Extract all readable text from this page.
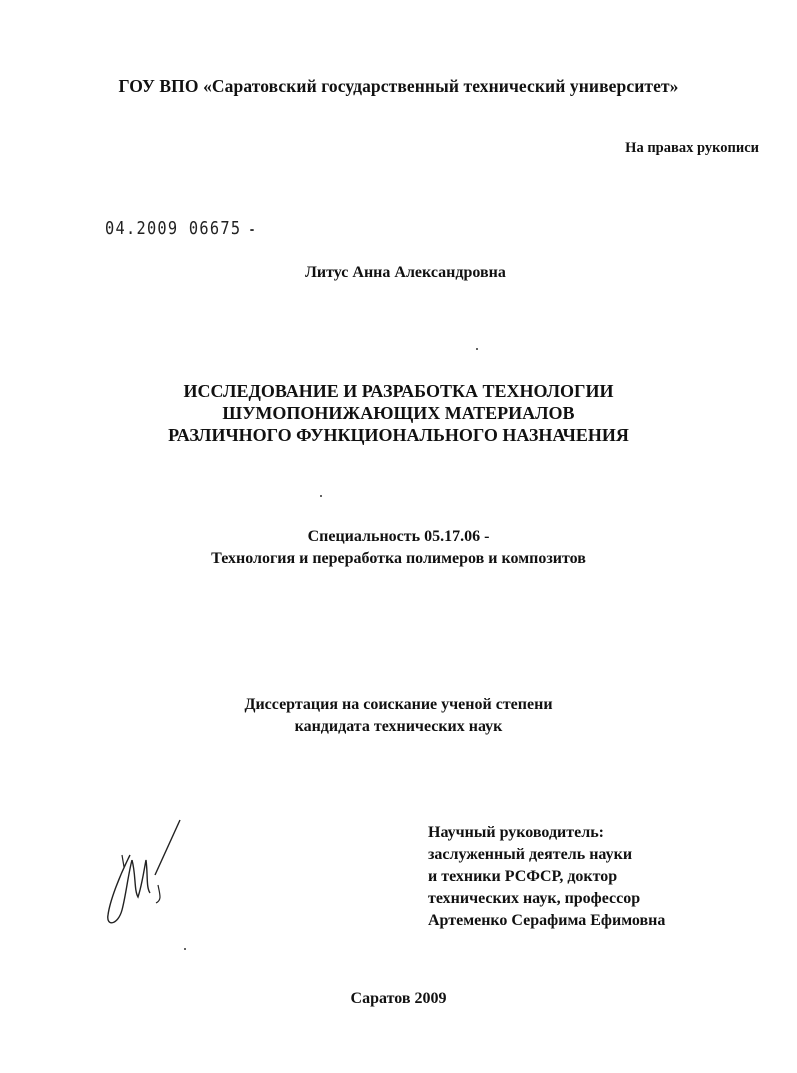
ГОУ ВПО «Саратовский государственный технический университет»
На правах рукописи
04.2009 06675
Литус Анна Александровна
ИССЛЕДОВАНИЕ И РАЗРАБОТКА ТЕХНОЛОГИИ
ШУМОПОНИЖАЮЩИХ МАТЕРИАЛОВ
РАЗЛИЧНОГО ФУНКЦИОНАЛЬНОГО НАЗНАЧЕНИЯ
Специальность 05.17.06 -
Технология и переработка полимеров и композитов
Диссертация на соискание ученой степени
кандидата технических наук
Научный руководитель:
заслуженный деятель науки
и техники РСФСР, доктор
технических наук, профессор
Артеменко Серафима Ефимовна
Саратов 2009
